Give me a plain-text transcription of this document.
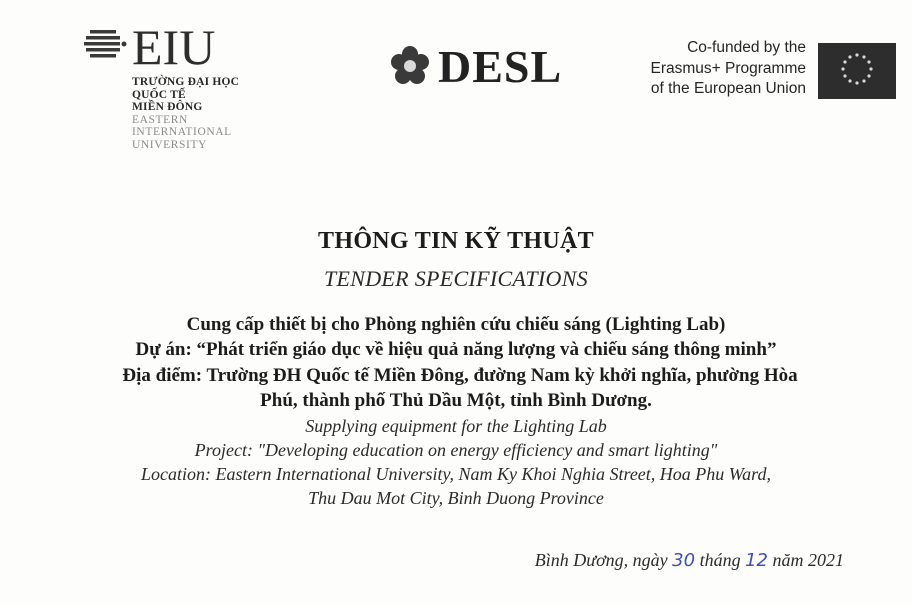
EIU
TRƯỜNG ĐẠI HỌC
QUỐC TẾ
MIỀN ĐÔNG
EASTERN
INTERNATIONAL
UNIVERSITY
DESL	Co-funded by the
Erasmus+ Programme
of the European Union
THÔNG TIN KỸ THUẬT
TENDER SPECIFICATIONS
Cung cấp thiết bị cho Phòng nghiên cứu chiếu sáng (Lighting Lab)
Dự án: “Phát triển giáo dục về hiệu quả năng lượng và chiếu sáng thông minh”
Địa điểm: Trường ĐH Quốc tế Miền Đông, đường Nam kỳ khởi nghĩa, phường Hòa
Phú, thành phố Thủ Dầu Một, tỉnh Bình Dương.
Supplying equipment for the Lighting Lab
Project: "Developing education on energy efficiency and smart lighting"
Location: Eastern International University, Nam Ky Khoi Nghia Street, Hoa Phu Ward,
Thu Dau Mot City, Binh Duong Province
Bình Dương, ngày 30 tháng 12 năm 2021
